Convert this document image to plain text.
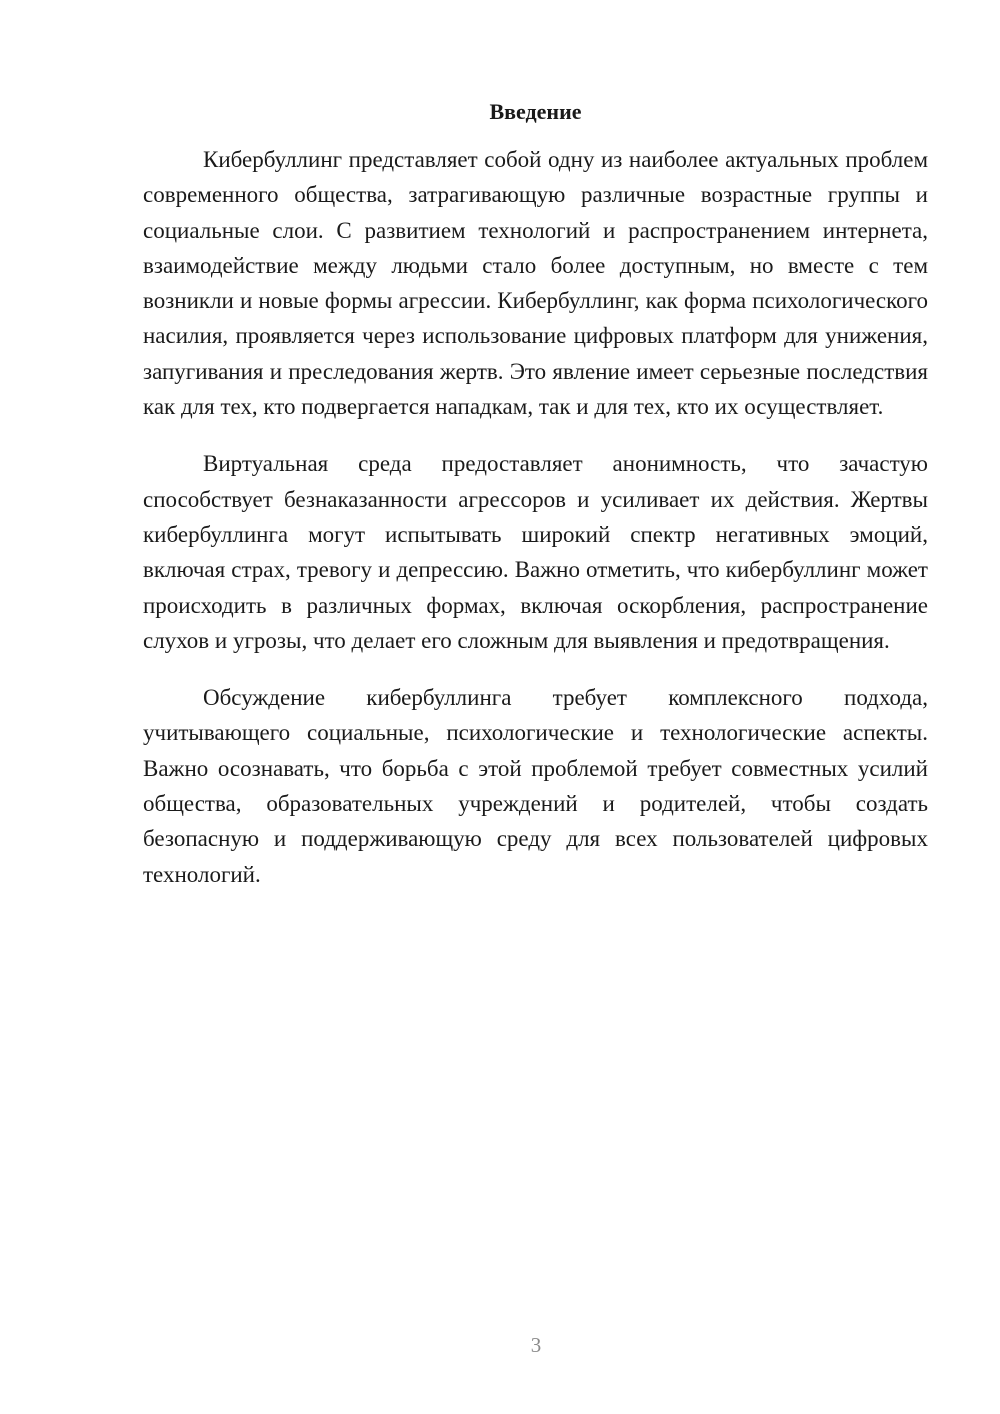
Введение

Кибербуллинг представляет собой одну из наиболее актуальных проблем современного общества, затрагивающую различные возрастные группы и социальные слои. С развитием технологий и распространением интернета, взаимодействие между людьми стало более доступным, но вместе с тем возникли и новые формы агрессии. Кибербуллинг, как форма психологического насилия, проявляется через использование цифровых платформ для унижения, запугивания и преследования жертв. Это явление имеет серьезные последствия как для тех, кто подвергается нападкам, так и для тех, кто их осуществляет.

Виртуальная среда предоставляет анонимность, что зачастую способствует безнаказанности агрессоров и усиливает их действия. Жертвы кибербуллинга могут испытывать широкий спектр негативных эмоций, включая страх, тревогу и депрессию. Важно отметить, что кибербуллинг может происходить в различных формах, включая оскорбления, распространение слухов и угрозы, что делает его сложным для выявления и предотвращения.

Обсуждение кибербуллинга требует комплексного подхода, учитывающего социальные, психологические и технологические аспекты. Важно осознавать, что борьба с этой проблемой требует совместных усилий общества, образовательных учреждений и родителей, чтобы создать безопасную и поддерживающую среду для всех пользователей цифровых технологий.

3
